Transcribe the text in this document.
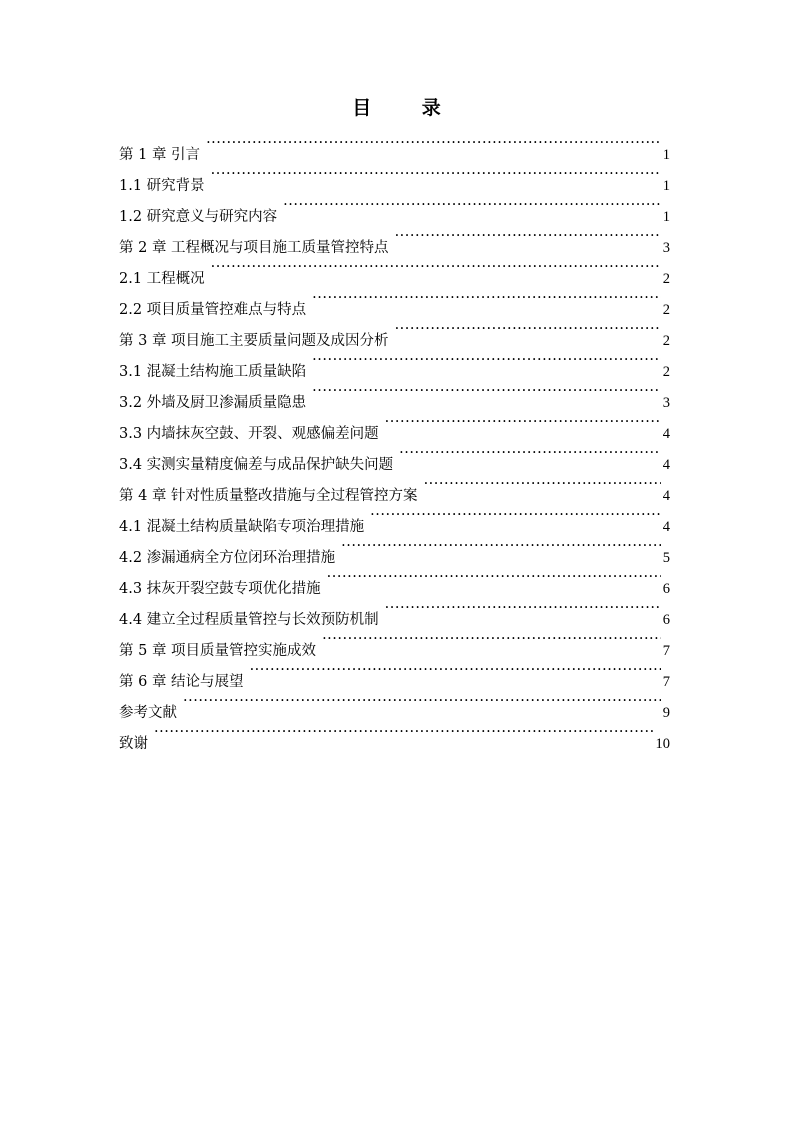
目 录
第 1 章 引言 ·····	1
1.1 研究背景 ·····	1
1.2 研究意义与研究内容 ·····	1
第 2 章 工程概况与项目施工质量管控特点 ·····	3
2.1 工程概况 ·····	2
2.2 项目质量管控难点与特点 ·····	2
第 3 章 项目施工主要质量问题及成因分析 ·····	2
3.1 混凝土结构施工质量缺陷 ·····	2
3.2 外墙及厨卫渗漏质量隐患 ·····	3
3.3 内墙抹灰空鼓、开裂、观感偏差问题 ·····	4
3.4 实测实量精度偏差与成品保护缺失问题 ·····	4
第 4 章 针对性质量整改措施与全过程管控方案 ·····	4
4.1 混凝土结构质量缺陷专项治理措施 ·····	4
4.2 渗漏通病全方位闭环治理措施 ·····	5
4.3 抹灰开裂空鼓专项优化措施 ·····	6
4.4 建立全过程质量管控与长效预防机制 ·····	6
第 5 章 项目质量管控实施成效 ·····	7
第 6 章 结论与展望 ·····	7
参考文献 ·····	9
致谢 ·····	10
